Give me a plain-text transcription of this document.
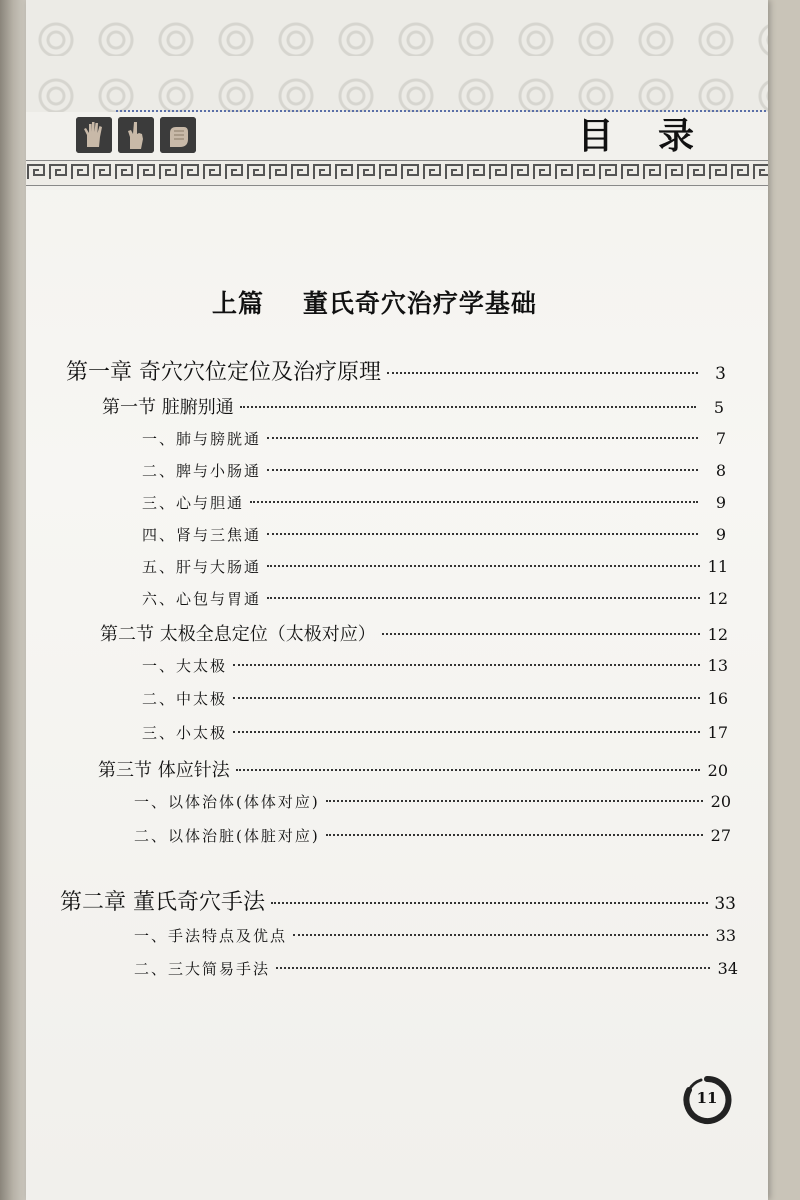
目 录
上篇    董氏奇穴治疗学基础
第一章 奇穴穴位定位及治疗原理	3
第一节 脏腑别通	5
一、肺与膀胱通	7
二、脾与小肠通	8
三、心与胆通	9
四、肾与三焦通	9
五、肝与大肠通	11
六、心包与胃通	12
第二节 太极全息定位（太极对应）	12
一、大太极	13
二、中太极	16
三、小太极	17
第三节 体应针法	20
一、以体治体(体体对应)	20
二、以体治脏(体脏对应)	27
第二章 董氏奇穴手法	33
一、手法特点及优点	33
二、三大简易手法	34
11
